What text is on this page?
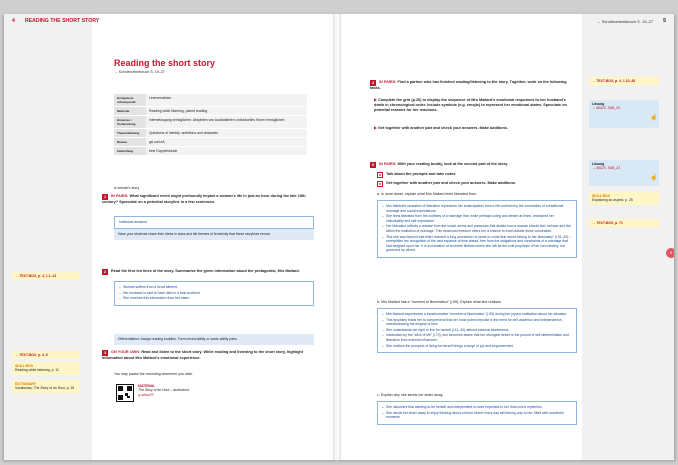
4 READING THE SHORT STORY
Reading the short story
→ Schülerarbeitsbuch S. 19–27
Kompetenz-schwerpunkt	Leseverstehen
Methode	Reading while listening, paired reading
Hinweise / Vorbereitung	Internetzugang ermöglichen: Abspielen von Audiodateien; individuelles Hören ermöglichen
Themenbildung	Questions of identity: ambitions and obstacles
Niveau	gA und eA
Zeitumfang	eine Doppelstunde
A minute's story
1 IN PAIRS: What significant event might profoundly impact a woman's life in just an hour during the late 19th century? Speculate on a potential storyline in a few sentences.
Individual answers.
Have your students share their ideas in class and list themes of femininity that these storylines reveal.
2 Read the first ten lines of the story. Summarise the given information about the protagonist, Mrs Mallard.
– Woman suffers from a heart ailment.
– Her husband is said to have died in a train accident.
– She receives this information from her sister.
Differentiation: Assign reading buddies. Form mixed-ability or same-ability pairs.
3 ON YOUR OWN: Read and listen to the short story. While reading and listening to the short story, highlight information about Mrs Mallard's emotional experience.
You may pause the recording whenever you wish.
MATERIAL
The Story of an Hour – Audiobook
q-in/kw/29
→ TEXT-BOX, p. 4, 1.1–13
→ TEXT-BOX, p. 4–5
SKILL BOX
Reading while listening, p. 11
DICTIONARY
Vocabulary: The Story of an Hour, p. 25
→ Schülerarbeitsbuch S. 19–27 5
4 IN PAIRS: Find a partner who has finished reading/listening to the story. Together, work on the following tasks.
▶ Complete the grid (p.20) to display the sequence of Mrs Mallard's emotional responses to her husband's death in chronological order. Include symbols (e.g. emojis) to represent her emotional states. Speculate on potential reasons for her reactions.
▶ Get together with another pair and check your answers. Make additions.
5 IN PAIRS: With your reading buddy, look at the second part of the story.
a Talk about the prompts and take notes.
b Get together with another pair and check your answers. Make additions.
a. In more detail, explain what Mrs Mallard feels liberated from.
– Mrs Mallard's sensation of liberation represents her emancipation from a life confined by the constraints of a traditional marriage and social expectations.
– She feels liberated from the confines of a marriage that, while perhaps loving and tender at times, restrained her individuality and self-expression.
– Her liberation reflects a release from the social norms and pressures that dictate how a woman should feel, behave and live within the institution of marriage. This newfound freedom offers her a chance to exist outside these constraints.
– "But she saw beyond that bitter moment a long procession of years to come that would belong to her absolutely" (l.51–53) ~ exemplifies her recognition of the vast expanse of time ahead, free from the obligations and constraints of a marriage that had weighed upon her. It is a revelation of an entire lifetime where she will be the sole proprietor of her own destiny, not governed by others.
b. Mrs Mallard has a "moment of illumination" (l.59). Explain what she realises.
– Mrs Mallard experiences a transformative "moment of illumination" (l.59) during her joyous realisation about her situation.
– This epiphany leads her to comprehend that her most potent impulse is the need for self-assertion and independence, overshadowing the enigma of love.
– She understands her right to live for herself (l.41–42) without external interference.
– Intoxicated by the "elixir of life" (l.70), she becomes aware that her strongest desire is the pursuit of self-determination and liberation from external influences.
– She realises the prospect of living for herself brings a surge of joy and empowerment.
c. Explain why she sends her sister away.
– She discovers that wanting to be herself and independent is more important to her than love's mysteries.
– She sends her sister away to enjoy thinking about a future where every day will belong only to her, filled with wonderful moments.
→ TEXT-BOX, p. 4, 1.10–48
Lösung
→ AB1/S. SAB_20
☝
Lösung
→ AB1/S. SAB_22
☝
SKILL BOX
Explaining an aspect, p. 25
→ TEXT-BOX, p. 71
II
